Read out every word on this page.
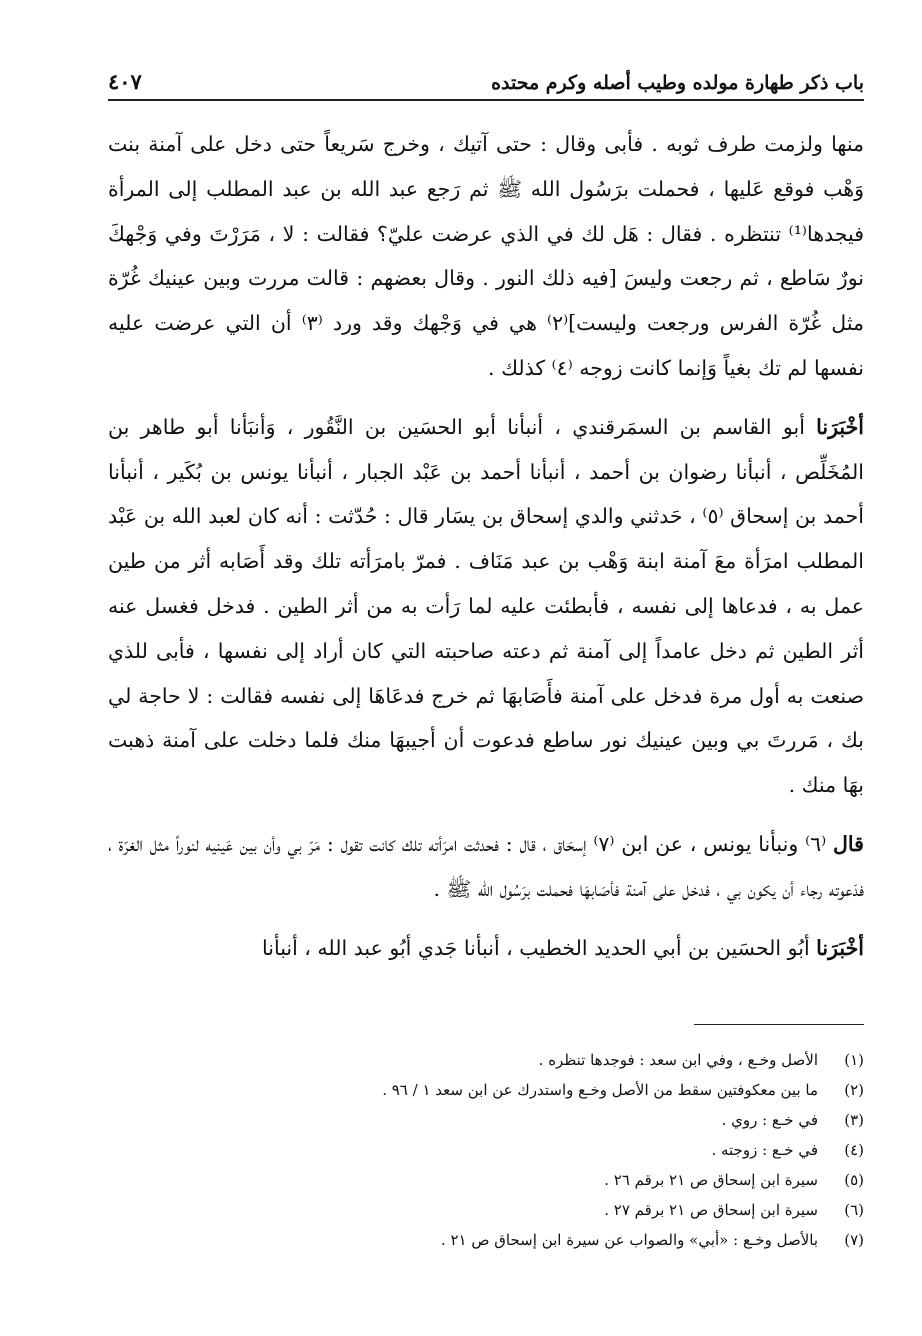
باب ذكر طهارة مولده وطيب أصله وكرم محتده
٤٠٧

منها ولزمت طرف ثوبه . فأبى وقال : حتى آتيك ، وخرج سَريعاً حتى دخل على آمنة بنت وَهْب فوقع عَليها ، فحملت برَسُول الله ﷺ ثم رَجع عبد الله بن عبد المطلب إلى المرأة فيجدها⁽¹⁾ تنتظره . فقال : هَل لك في الذي عرضت عليّ؟ فقالت : لا ، مَرَرْتَ وفي وَجْهكَ نورٌ سَاطع ، ثم رجعت وليسَ [فيه ذلك النور . وقال بعضهم : قالت مررت وبين عينيك غُرّة مثل غُرّة الفرس ورجعت وليست]⁽٢⁾ هي في وَجْهك وقد ورد ⁽٣⁾ أن التي عرضت عليه نفسها لم تك بغياً وَإنما كانت زوجه ⁽٤⁾ كذلك .

أخْبَرَنا أبو القاسم بن السمَرقندي ، أنبأنا أبو الحسَين بن النَّقُور ، وَأنبَأنا أبو طاهر بن المُخَلِّص ، أنبأنا رضوان بن أحمد ، أنبأنا أحمد بن عَبْد الجبار ، أنبأنا يونس بن بُكَير ، أنبأنا أحمد بن إسحاق ⁽٥⁾ ، حَدثني والدي إسحاق بن يسَار قال : حُدّثت : أنه كان لعبد الله بن عَبْد المطلب امرَأة معَ آمنة ابنة وَهْب بن عبد مَنَاف . فمرّ بامرَأته تلك وقد أَصَابه أثر من طين عمل به ، فدعاها إلى نفسه ، فأبطئت عليه لما رَأت به من أثر الطين . فدخل فغسل عنه أثر الطين ثم دخل عامداً إلى آمنة ثم دعته صاحبته التي كان أراد إلى نفسها ، فأبى للذي صنعت به أول مرة فدخل على آمنة فأَصَابهَا ثم خرج فدعَاهَا إلى نفسه فقالت : لا حاجة لي بك ، مَررتَ بي وبين عينيك نور ساطع فدعوت أن أجيبهَا منك فلما دخلت على آمنة ذهبت بهَا منك .

قال ⁽٦⁾ ونبأنا يونس ، عن ابن ⁽٧⁾ إسحَاق ، قال : فحدثت امرَأته تلك كانت تقول : مَرّ بي وأن بين عَينيه لنوراً مثل الغرّة ، فدَعوته رجاء أن يكون بي ، فدخل على آمنة فأصَابهَا فحملت برَسُول الله ﷺ .

أخْبَرَنا أبُو الحسَين بن أبي الحديد الخطيب ، أنبأنا جَدي أبُو عبد الله ، أنبأنا

(١)
الأصل وخـع ، وفي ابن سعد : فوجدها تنظره .
(٢)
ما بين معكوفتين سقط من الأصل وخـع واستدرك عن ابن سعد ١ / ٩٦ .
(٣)
في خـع : روي .
(٤)
في خـع : زوجته .
(٥)
سيرة ابن إسحاق ص ٢١ برقم ٢٦ .
(٦)
سيرة ابن إسحاق ص ٢١ برقم ٢٧ .
(٧)
بالأصل وخـع : «أبي» والصواب عن سيرة ابن إسحاق ص ٢١ .
